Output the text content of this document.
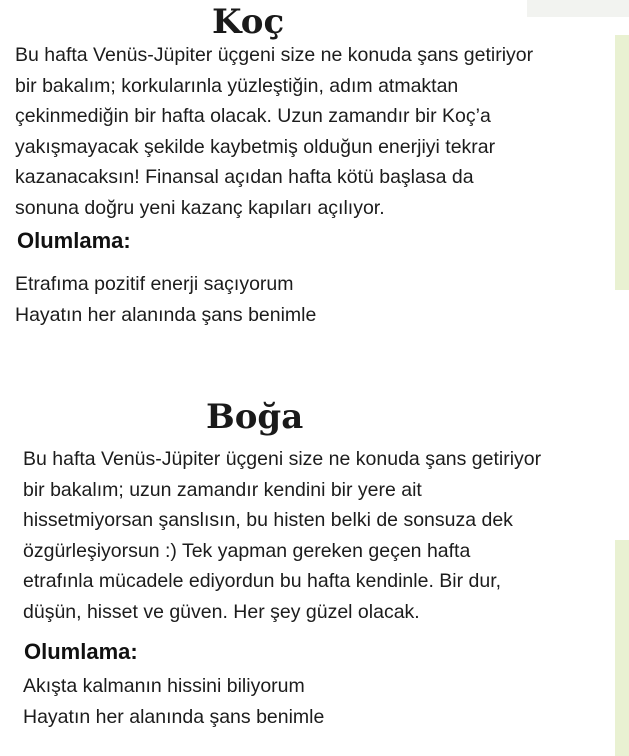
Koç
Bu hafta Venüs-Jüpiter üçgeni size ne konuda şans getiriyor
bir bakalım; korkularınla yüzleştiğin, adım atmaktan
çekinmediğin bir hafta olacak. Uzun zamandır bir Koç’a
yakışmayacak şekilde kaybetmiş olduğun enerjiyi tekrar
kazanacaksın! Finansal açıdan hafta kötü başlasa da
sonuna doğru yeni kazanç kapıları açılıyor.
Olumlama:
Etrafıma pozitif enerji saçıyorum
Hayatın her alanında şans benimle
Boğa
Bu hafta Venüs-Jüpiter üçgeni size ne konuda şans getiriyor
bir bakalım; uzun zamandır kendini bir yere ait
hissetmiyorsan şanslısın, bu histen belki de sonsuza dek
özgürleşiyorsun :) Tek yapman gereken geçen hafta
etrafınla mücadele ediyordun bu hafta kendinle. Bir dur,
düşün, hisset ve güven. Her şey güzel olacak.
Olumlama:
Akışta kalmanın hissini biliyorum
Hayatın her alanında şans benimle
